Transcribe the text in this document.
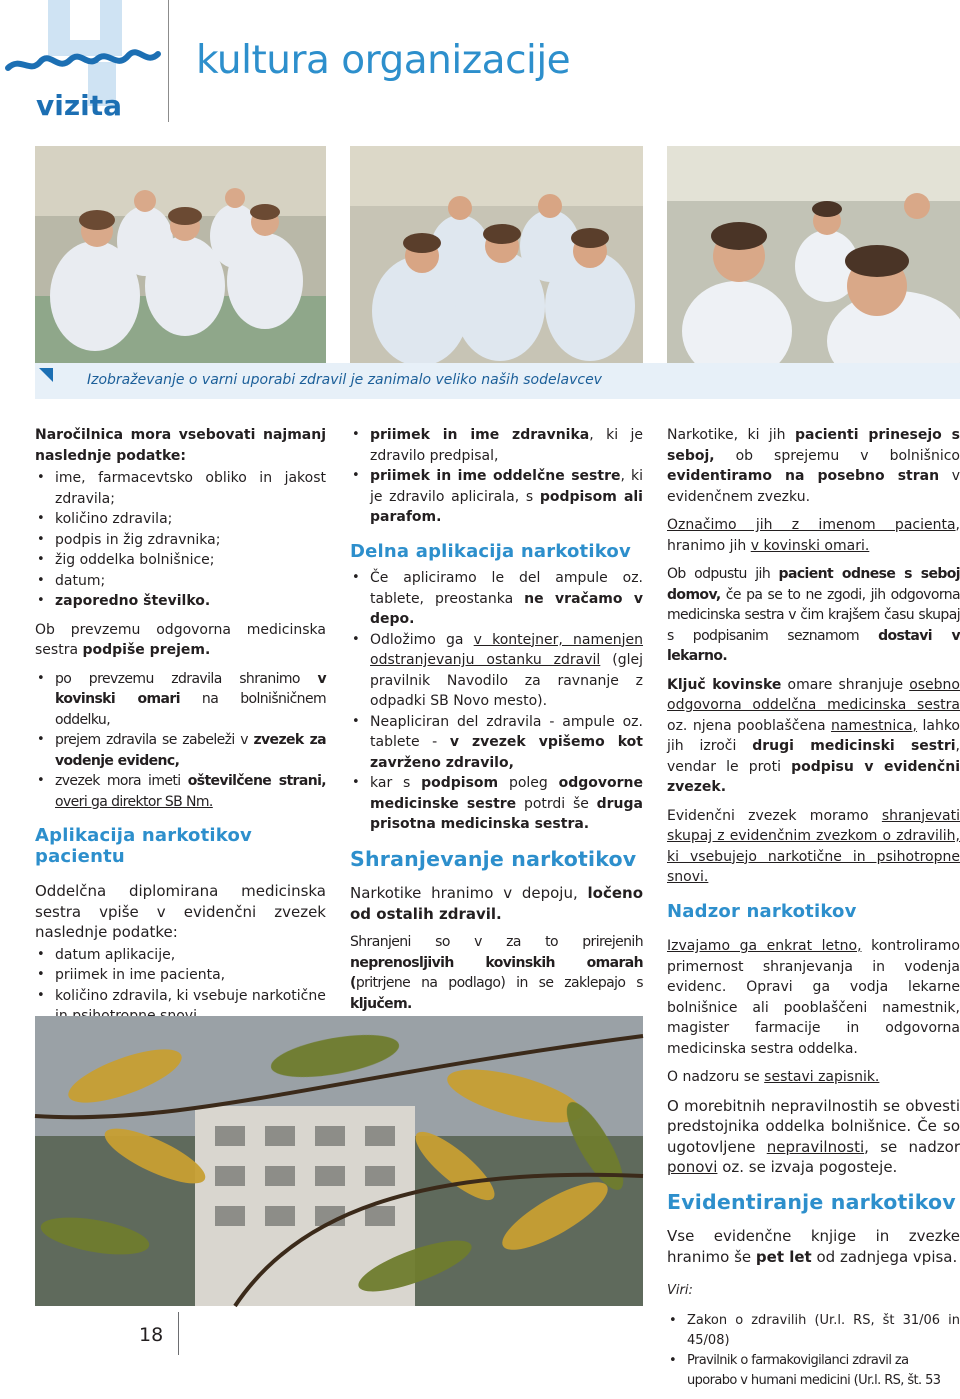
vizita
kultura organizacije
Izobraževanje o varni uporabi zdravil je zanimalo veliko naših sodelavcev

Naročilnica mora vsebovati najmanj naslednje podatke:

• ime, farmacevtsko obliko in jakost zdravila;
• količino zdravila;
• podpis in žig zdravnika;
• žig oddelka bolnišnice;
• datum;
• zaporedno številko.

Ob prevzemu odgovorna medicinska sestra podpiše prejem.

• po prevzemu zdravila shranimo v kovinski omari na bolnišničnem oddelku,
• prejem zdravila se zabeleži v zvezek za vodenje evidenc,
• zvezek mora imeti oštevilčene strani, overi ga direktor SB Nm.
Aplikacija narkotikov pacientu

Oddelčna diplomirana medicinska sestra vpiše v evidenčni zvezek naslednje podatke:

• datum aplikacije,
• priimek in ime pacienta,
• količino zdravila, ki vsebuje narkotične
• priimek in ime zdravnika, ki je zdravilo predpisal,
• priimek in ime oddelčne sestre, ki je zdravilo aplicirala, s podpisom ali parafom.
Delna aplikacija narkotikov
• Če apliciramo le del ampule oz. tablete, preostanka ne vračamo v depo.
• Odložimo ga v kontejner, namenjen odstranjevanju ostanku zdravil (glej pravilnik Navodilo za ravnanje z odpadki SB Novo mesto).
• Neapliciran del zdravila - ampule oz. tablete - v zvezek vpišemo kot zavrženo zdravilo,
• kar s podpisom poleg odgovorne medicinske sestre potrdi še druga prisotna medicinska sestra.
Shranjevanje narkotikov

Narkotike hranimo v depoju, ločeno od ostalih zdravil.

Shranjeni so v za to prirejenih neprenosljivih kovinskih omarah (pritrjene na podlago) in se zaklepajo s ključem.

Narkotike, ki jih pacienti prinesejo s seboj, ob sprejemu v bolnišnico evidentiramo na posebno stran v evidenčnem zvezku.

Označimo jih z imenom pacienta, hranimo jih v kovinski omari.

Ob odpustu jih pacient odnese s seboj domov, če pa se to ne zgodi, jih odgovorna medicinska sestra v čim krajšem času skupaj s podpisanim seznamom dostavi v lekarno.

Ključ kovinske omare shranjuje osebno odgovorna oddelčna medicinska sestra oz. njena pooblaščena namestnica, lahko jih izroči drugi medicinski sestri, vendar le proti podpisu v evidenčni zvezek.

Evidenčni zvezek moramo shranjevati skupaj z evidenčnim zvezkom o zdravilih, ki vsebujejo narkotične in psihotropne snovi.

Nadzor narkotikov

Izvajamo ga enkrat letno, kontroliramo primernost shranjevanja in vodenja evidenc. Opravi ga vodja lekarne bolnišnice ali pooblaščeni namestnik, magister farmacije in odgovorna medicinska sestra oddelka.

O nadzoru se sestavi zapisnik.

O morebitnih nepravilnostih se obvesti predstojnika oddelka bolnišnice. Če so ugotovljene nepravilnosti, se nadzor ponovi oz. se izvaja pogosteje.

Evidentiranje narkotikov

Vse evidenčne knjige in zvezke hranimo še pet let od zadnjega vpisa.

Viri:
• Zakon o zdravilih (Ur.l. RS, št 31/06 in 45/08)
• Pravilnik o farmakovigilanci zdravil za uporabo v humani medicini (Ur.l. RS, št. 53
18
